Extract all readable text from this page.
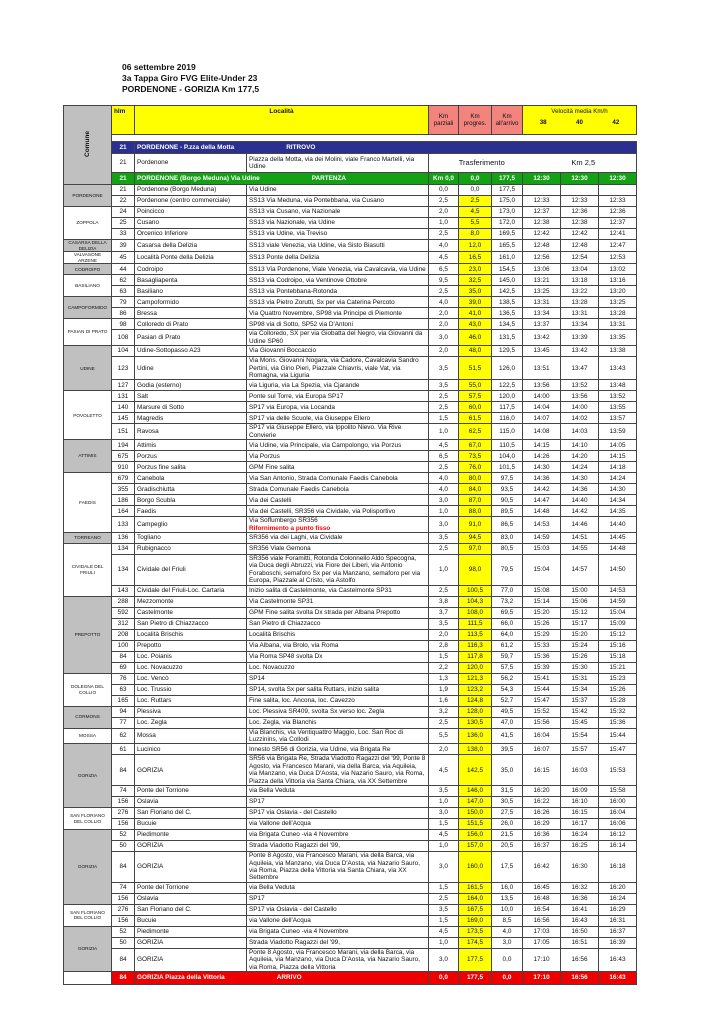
06 settembre 2019
3a Tappa Giro FVG Elite-Under 23
PORDENONE - GORIZIA Km 177,5
Comune	hlm	Località		Km parziali	Km progres.	Km all'arrivo	Velocità media Km/h
38 40 42		

	21	PORDENONE - P.zza della Motta RITROVO							

	21	Pordenone	Piazza della Motta, via dei Molini, viale Franco Martelli, via Udine	Trasferimento Km 2,5					

	21	PORDENONE (Borgo Meduna) Via Udine PARTENZA		Km 0,0	0,0	177,5	12:30	12:30	12:30
PORDENONE	21	Pordenone (Borgo Meduna)	Via Udine	0,0	0,0	177,5			
	22	Pordenone (centro commerciale)	SS13 Via Meduna, via Pontebbana, via Cusano	2,5	2,5	175,0	12:33	12:33	12:33
ZOPPOLA	24	Poincicco	SS13 via Cusano, via Nazionale	2,0	4,5	173,0	12:37	12:36	12:36
	25	Cusano	SS13 via Nazionale, via Udine	1,0	5,5	172,0	12:38	12:38	12:37
	33	Orcenico Inferiore	SS13 via Udine, via Treviso	2,5	8,0	169,5	12:42	12:42	12:41
CASARSA DELLA DELIZIA	39	Casarsa della Delizia	SS13 viale Venezia, via Udine, via Sisto Biasutti	4,0	12,0	165,5	12:48	12:48	12:47
VALVASONE ARZENE	45	Località Ponte della Delizia	SS13 Ponte della Delizia	4,5	16,5	161,0	12:56	12:54	12:53
CODROIPO	44	Codroipo	SS13 Via Pordenone, Viale Venezia, via Cavalcavia, via Udine	6,5	23,0	154,5	13:06	13:04	13:02
BASILIANO	62	Basagliapenta	SS13 via Codroipo, via Ventinove Ottobre	9,5	32,5	145,0	13:21	13:18	13:16
	63	Basiliano	SS13 via Pontebbana-Rotonda	2,5	35,0	142,5	13:25	13:22	13:20
CAMPOFORMIDO	79	Campoformido	SS13 via Pietro Zorutti, Sx per via Caterina Percoto	4,0	39,0	138,5	13:31	13:28	13:25
	86	Bressa	Via Quattro Novembre, SP98 via Principe di Piemonte	2,0	41,0	136,5	13:34	13:31	13:28
PASIAN DI PRATO	98	Colloredo di Prato	SP98 via di Sotto, SP52 via D'Antoni	2,0	43,0	134,5	13:37	13:34	13:31
	108	Pasian di Prato	via Colloredo, SX per via Giobatta del Negro, via Giovanni da Udine SP60	3,0	46,0	131,5	13:42	13:39	13:35
UDINE	104	Udine-Sottopasso A23	Via Giovanni Boccaccio	2,0	48,0	129,5	13:45	13:42	13:38
	123	Udine	Via Mons. Giovanni Nogara, via Cadore, Cavalcavia Sandro Pertini, via Gino Pieri, Piazzale Chiavris, viale Vat, via Romagna, via Liguria	3,5	51,5	126,0	13:51	13:47	13:43
	127	Godia (esterno)	via Liguria, via La Spezia, via Cjarande	3,5	55,0	122,5	13:56	13:52	13:48
POVOLETTO	131	Salt	Ponte sul Torre, via Europa SP17	2,5	57,5	120,0	14:00	13:56	13:52
	140	Marsure di Sotto	SP17 via Europa, via Locanda	2,5	60,0	117,5	14:04	14:00	13:55
	145	Magredis	SP17 via delle Scuole, via Giuseppe Ellero	1,5	61,5	116,0	14:07	14:02	13:57
	151	Ravosa	SP17 via Giuseppe Ellero, via Ippolito Nievo. Via Rive Convierie	1,0	62,5	115,0	14:08	14:03	13:59
ATTIMIS	194	Attimis	Via Udine, via Principale, via Campolongo, via Porzus	4,5	67,0	110,5	14:15	14:10	14:05
	675	Porzus	Via Porzus	6,5	73,5	104,0	14:26	14:20	14:15
	910	Porzus fine salita	GPM Fine salita	2,5	76,0	101,5	14:30	14:24	14:18
FAEDIS	679	Canebola	Via San Antonio, Strada Comunale Faedis Canebola	4,0	80,0	97,5	14:36	14:30	14:24
	355	Gradischiutta	Strada Comunale Faedis Canebola	4,0	84,0	93,5	14:42	14:36	14:30
	186	Borgo Scubla	Via dei Castelli	3,0	87,0	90,5	14:47	14:40	14:34
	164	Faedis	Via dei Castelli, SR356 via Cividale, via Polisportivo	1,0	88,0	89,5	14:48	14:42	14:35
	133	Campeglio	Via Soffumbergo SR356
Rifornimento a punto fisso	3,0	91,0	86,5	14:53	14:46	14:40
TORREANO	136	Togliano	SR356 via dei Laghi, via Cividale	3,5	94,5	83,0	14:59	14:51	14:45
CIVIDALE DEL FRIULI	134	Rubignacco	SR356 Viale Gemona	2,5	97,0	80,5	15:03	14:55	14:48
	134	Cividale del Friuli	SR356 viale Foramitti, Rotonda Colonnello Aldo Specogna, via Duca degli Abruzzi, via Fiore dei Liberi, via Antonio Foraboschi, semaforo Sx per via Manzano, semaforo per via Europa, Piazzale al Cristo, via Astolfo	1,0	98,0	79,5	15:04	14:57	14:50
	143	Cividale del Friuli-Loc. Cartaria	Inizio salita di Castelmonte, via Castelmonte SP31	2,5	100,5	77,0	15:08	15:00	14:53
PREPOTTO	288	Mezzomonte	Via Castelmonte SP31	3,8	104,3	73,2	15:14	15:06	14:59
	592	Castelmonte	GPM Fine salita svolta Dx strada per Albana Prepotto	3,7	108,0	69,5	15:20	15:12	15:04
	312	San Pietro di Chiazzacco	San Pietro di Chiazzacco	3,5	111,5	66,0	15:26	15:17	15:09
	208	Località Brischis	Località Brischis	2,0	113,5	64,0	15:29	15:20	15:12
	100	Prepotto	Via Albana, via Brolo, via Roma	2,8	116,3	61,2	15:33	15:24	15:16
	84	Loc. Poianis	Via Roma SP48 svolta Dx	1,5	117,8	59,7	15:36	15:26	15:18
	69	Loc. Novacuzzo	Loc. Novacuzzo	2,2	120,0	57,5	15:39	15:30	15:21
DOLEGNA DEL COLLIO	76	Loc. Vencò	SP14	1,3	121,3	56,2	15:41	15:31	15:23
	63	Loc. Trussio	SP14, svolta Sx per salita Ruttars, inizio salita	1,9	123,2	54,3	15:44	15:34	15:26
	165	Loc. Ruttars	Fine salita, loc. Ancona, loc. Cavezzo	1,6	124,8	52,7	15:47	15:37	15:28
CORMONS	94	Plessiva	Loc. Plessiva SR409, svolta Sx verso loc. Zegla	3,2	128,0	49,5	15:52	15:42	15:32
	77	Loc. Zegla	Loc. Zegla, via Blanchis	2,5	130,5	47,0	15:56	15:45	15:36
MOSSA	62	Mossa	Via Blanchis, via Ventiquattro Maggio, Loc. San Roc di Luzzinins, via Collodi	5,5	136,0	41,5	16:04	15:54	15:44
GORIZIA	61	Lucinico	Innesto SR56 di Gorizia, via Udine, via Brigata Re	2,0	138,0	39,5	16:07	15:57	15:47
	84	GORIZIA	SR56 via Brigata Re, Strada Viadotto Ragazzi del '99, Ponte 8 Agosto, via Francesco Marani, via della Barca, via Aquileia, via Manzano, via Duca D'Aosta, via Nazario Sauro, via Roma, Piazza della Vittoria via Santa Chiara, via XX Settembre	4,5	142,5	35,0	16:15	16:03	15:53
	74	Ponte del Torrione	via Bella Veduta	3,5	146,0	31,5	16:20	16:09	15:58
	156	Oslavia	SP17	1,0	147,0	30,5	16:22	16:10	16:00
SAN FLORIANO DEL COLLIO	276	San Floriano del C.	SP17 via Oslavia - del Castello	3,0	150,0	27,5	16:26	16:15	16:04
	156	Bucuie	via Vallone dell'Acqua	1,5	151,5	26,0	16:29	16:17	16:06
GORIZIA	52	Piedimonte	via Brigata Cuneo -via 4 Novembre	4,5	156,0	21,5	16:36	16:24	16:12
	50	GORIZIA	Strada Viadotto Ragazzi del '99,	1,0	157,0	20,5	16:37	16:25	16:14
	84	GORIZIA	Ponte 8 Agosto, via Francesco Marani, via della Barca, via Aquileia, via Manzano, via Duca D'Aosta, via Nazario Sauro, via Roma, Piazza della Vittoria via Santa Chiara, via XX Settembre	3,0	160,0	17,5	16:42	16:30	16:18
	74	Ponte del Torrione	via Bella Veduta	1,5	161,5	16,0	16:45	16:32	16:20
	156	Oslavia	SP17	2,5	164,0	13,5	16:48	16:36	16:24
SAN FLORIANO DEL COLLIO	276	San Floriano del C.	SP17 via Oslavia - del Castello	3,5	167,5	10,0	16:54	16:41	16:29
	156	Bucuie	via Vallone dell'Acqua	1,5	169,0	8,5	16:56	16:43	16:31
GORIZIA	52	Piedimonte	via Brigata Cuneo -via 4 Novembre	4,5	173,5	4,0	17:03	16:50	16:37
	50	GORIZIA	Strada Viadotto Ragazzi del '99,	1,0	174,5	3,0	17:05	16:51	16:39
	84	GORIZIA	Ponte 8 Agosto, via Francesco Marani, via della Barca, via Aquileia, via Manzano, via Duca D'Aosta, via Nazario Sauro, via Roma, Piazza della Vittoria	3,0	177,5	0,0	17:10	16:56	16:43
	84	GORIZIA Piazza della Vittoria ARRIVO		0,0	177,5	0,0	17:10	16:56	16:43
